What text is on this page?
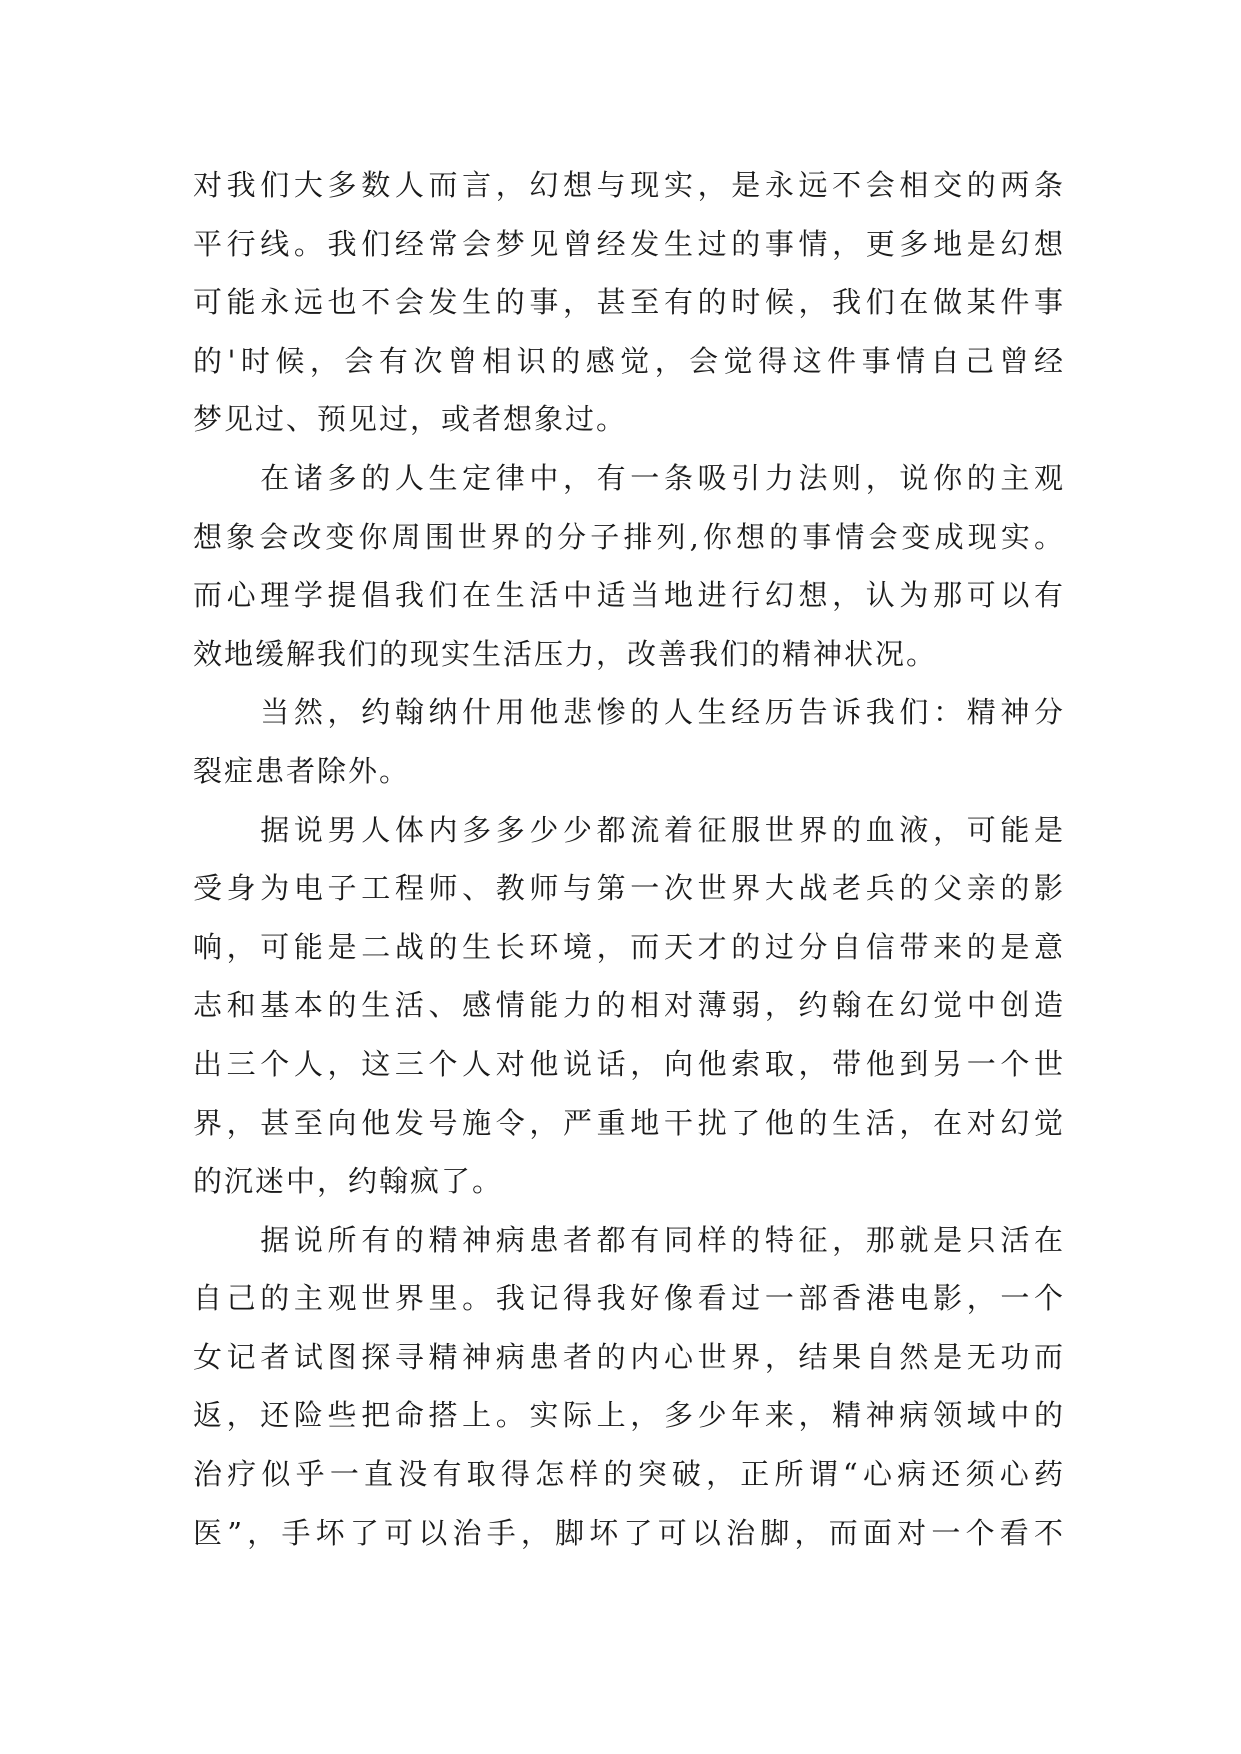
对我们大多数人而言，幻想与现实，是永远不会相交的两条
平行线。我们经常会梦见曾经发生过的事情，更多地是幻想
可能永远也不会发生的事，甚至有的时候，我们在做某件事
的'时候，会有次曾相识的感觉，会觉得这件事情自己曾经
梦见过、预见过，或者想象过。
　　在诸多的人生定律中，有一条吸引力法则，说你的主观
想象会改变你周围世界的分子排列,你想的事情会变成现实。
而心理学提倡我们在生活中适当地进行幻想，认为那可以有
效地缓解我们的现实生活压力，改善我们的精神状况。
　　当然，约翰纳什用他悲惨的人生经历告诉我们：精神分
裂症患者除外。
　　据说男人体内多多少少都流着征服世界的血液，可能是
受身为电子工程师、教师与第一次世界大战老兵的父亲的影
响，可能是二战的生长环境，而天才的过分自信带来的是意
志和基本的生活、感情能力的相对薄弱，约翰在幻觉中创造
出三个人，这三个人对他说话，向他索取，带他到另一个世
界，甚至向他发号施令，严重地干扰了他的生活，在对幻觉
的沉迷中，约翰疯了。
　　据说所有的精神病患者都有同样的特征，那就是只活在
自己的主观世界里。我记得我好像看过一部香港电影，一个
女记者试图探寻精神病患者的内心世界，结果自然是无功而
返，还险些把命搭上。实际上，多少年来，精神病领域中的
治疗似乎一直没有取得怎样的突破，正所谓“心病还须心药
医”，手坏了可以治手，脚坏了可以治脚，而面对一个看不
